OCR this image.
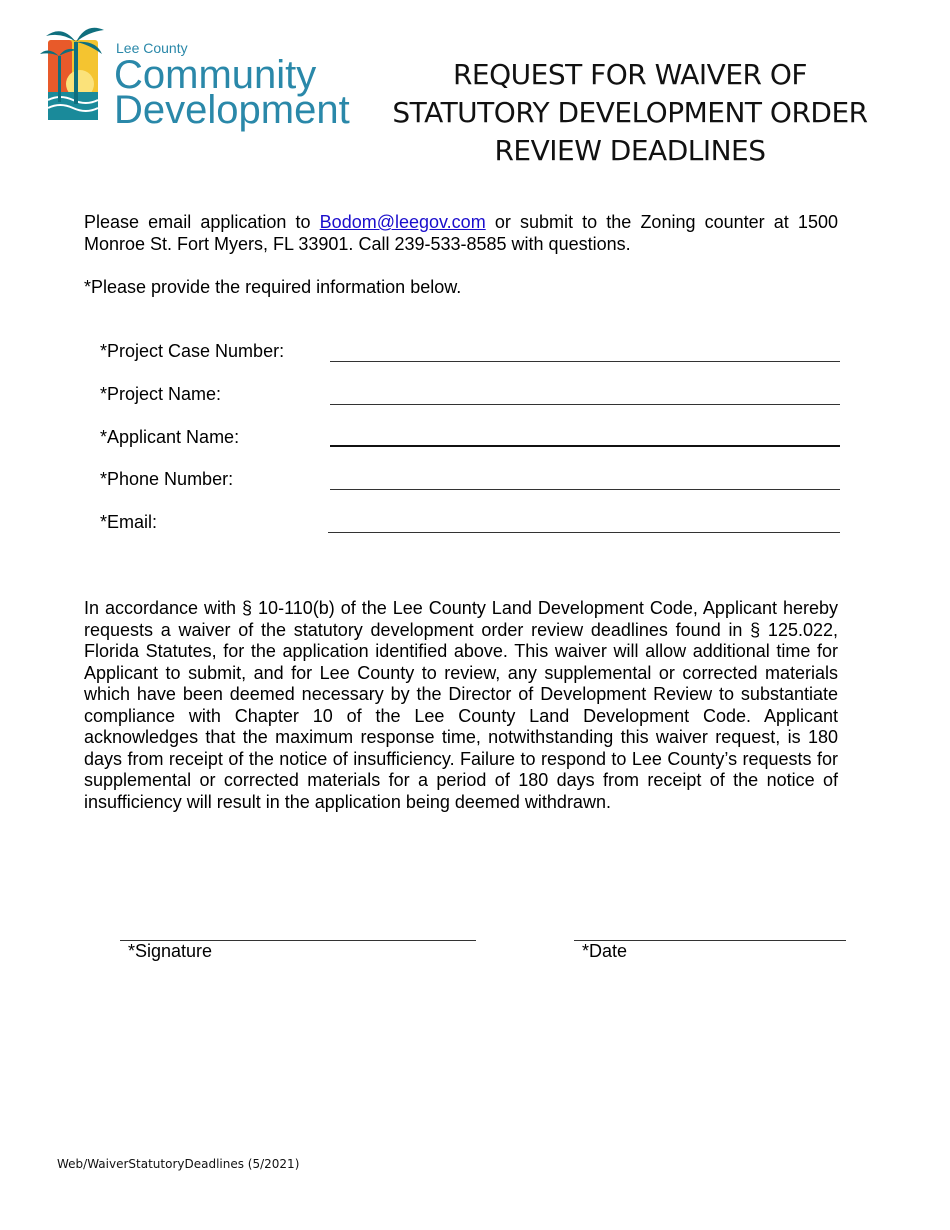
Lee County
Community
Development
REQUEST FOR WAIVER OF STATUTORY DEVELOPMENT ORDER REVIEW DEADLINES
Please email application to Bodom@leegov.com or submit to the Zoning counter at 1500 Monroe St. Fort Myers, FL 33901. Call 239-533-8585 with questions.
*Please provide the required information below.
*Project Case Number:
*Project Name:
*Applicant Name:
*Phone Number:
*Email:
In accordance with § 10-110(b) of the Lee County Land Development Code, Applicant hereby requests a waiver of the statutory development order review deadlines found in § 125.022, Florida Statutes, for the application identified above. This waiver will allow additional time for Applicant to submit, and for Lee County to review, any supplemental or corrected materials which have been deemed necessary by the Director of Development Review to substantiate compliance with Chapter 10 of the Lee County Land Development Code. Applicant acknowledges that the maximum response time, notwithstanding this waiver request, is 180 days from receipt of the notice of insufficiency. Failure to respond to Lee County’s requests for supplemental or corrected materials for a period of 180 days from receipt of the notice of insufficiency will result in the application being deemed withdrawn.
*Signature	*Date
Web/WaiverStatutoryDeadlines (5/2021)
